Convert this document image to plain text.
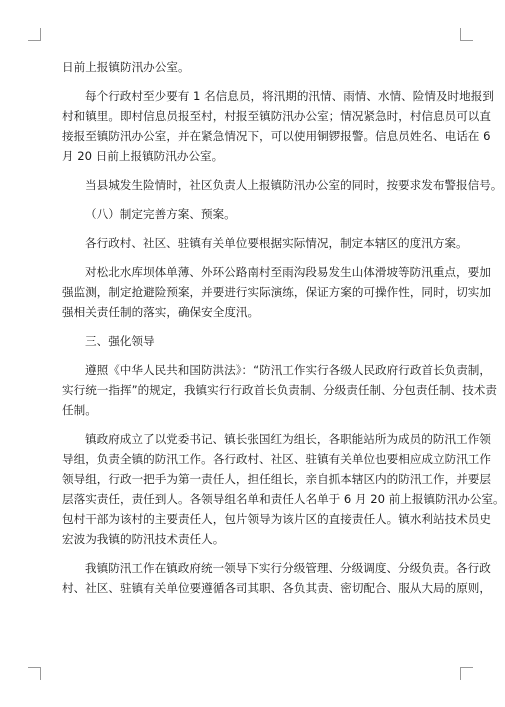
日前上报镇防汛办公室。

每个行政村至少要有 1 名信息员，将汛期的汛情、雨情、水情、险情及时地报到

村和镇里。即村信息员报至村，村报至镇防汛办公室；情况紧急时，村信息员可以直

接报至镇防汛办公室，并在紧急情况下，可以使用铜锣报警。信息员姓名、电话在 6

月 20 日前上报镇防汛办公室。

当县城发生险情时，社区负责人上报镇防汛办公室的同时，按要求发布警报信号。

（八）制定完善方案、预案。

各行政村、社区、驻镇有关单位要根据实际情况，制定本辖区的度汛方案。

对松北水库坝体单薄、外环公路南村至雨沟段易发生山体滑坡等防汛重点，要加

强监测，制定抢避险预案，并要进行实际演练，保证方案的可操作性，同时，切实加

强相关责任制的落实，确保安全度汛。

三、强化领导

遵照《中华人民共和国防洪法》：“防汛工作实行各级人民政府行政首长负责制，

实行统一指挥”的规定，我镇实行行政首长负责制、分级责任制、分包责任制、技术责

任制。

镇政府成立了以党委书记、镇长张国红为组长，各职能站所为成员的防汛工作领

导组，负责全镇的防汛工作。各行政村、社区、驻镇有关单位也要相应成立防汛工作

领导组，行政一把手为第一责任人，担任组长，亲自抓本辖区内的防汛工作，并要层

层落实责任，责任到人。各领导组名单和责任人名单于 6 月 20 前上报镇防汛办公室。

包村干部为该村的主要责任人，包片领导为该片区的直接责任人。镇水利站技术员史

宏波为我镇的防汛技术责任人。

我镇防汛工作在镇政府统一领导下实行分级管理、分级调度、分级负责。各行政

村、社区、驻镇有关单位要遵循各司其职、各负其责、密切配合、服从大局的原则，
